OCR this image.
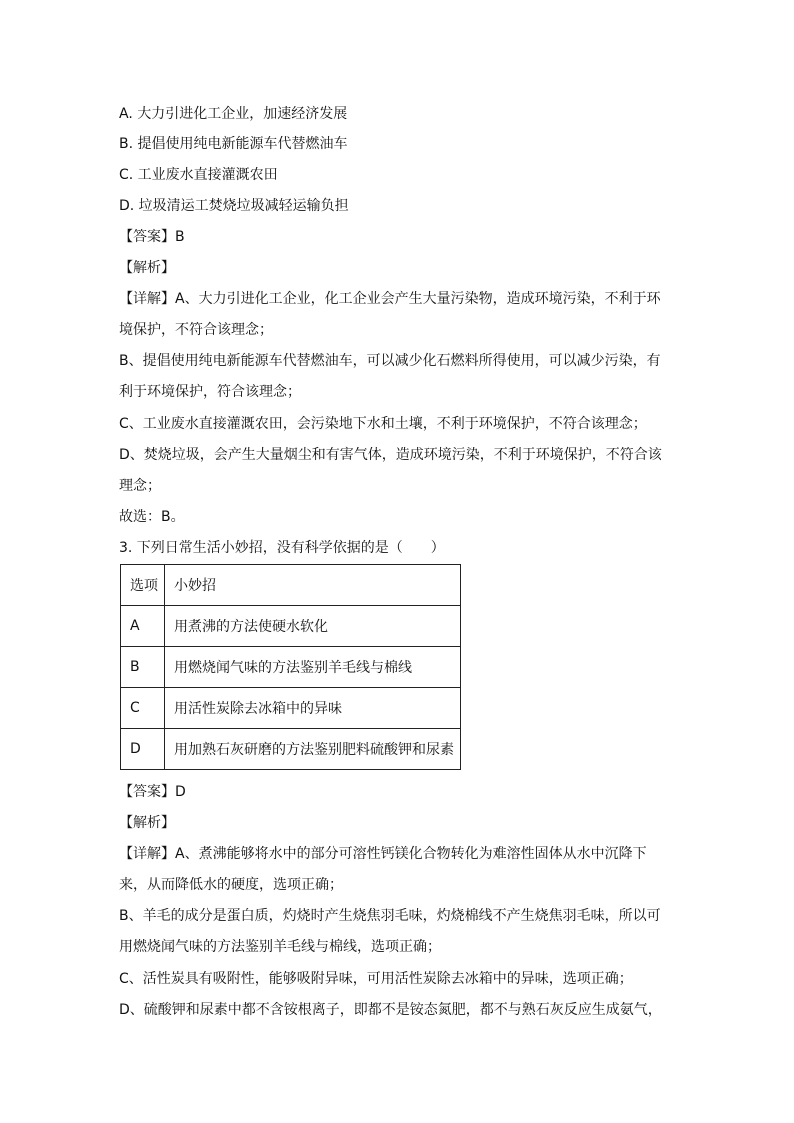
A. 大力引进化工企业，加速经济发展
B. 提倡使用纯电新能源车代替燃油车
C. 工业废水直接灌溉农田
D. 垃圾清运工焚烧垃圾减轻运输负担
【答案】B
【解析】
【详解】A、大力引进化工企业，化工企业会产生大量污染物，造成环境污染，不利于环
境保护，不符合该理念；
B、提倡使用纯电新能源车代替燃油车，可以减少化石燃料所得使用，可以减少污染，有
利于环境保护，符合该理念；
C、工业废水直接灌溉农田，会污染地下水和土壤，不利于环境保护，不符合该理念；
D、焚烧垃圾，会产生大量烟尘和有害气体，造成环境污染，不利于环境保护，不符合该
理念；
故选：B。
3. 下列日常生活小妙招，没有科学依据的是（　　）
选项	小妙招
A	用煮沸的方法使硬水软化
B	用燃烧闻气味的方法鉴别羊毛线与棉线
C	用活性炭除去冰箱中的异味
D	用加熟石灰研磨的方法鉴别肥料硫酸钾和尿素
【答案】D
【解析】
【详解】A、煮沸能够将水中的部分可溶性钙镁化合物转化为难溶性固体从水中沉降下
来，从而降低水的硬度，选项正确；
B、羊毛的成分是蛋白质，灼烧时产生烧焦羽毛味，灼烧棉线不产生烧焦羽毛味，所以可
用燃烧闻气味的方法鉴别羊毛线与棉线，选项正确；
C、活性炭具有吸附性，能够吸附异味，可用活性炭除去冰箱中的异味，选项正确；
D、硫酸钾和尿素中都不含铵根离子，即都不是铵态氮肥，都不与熟石灰反应生成氨气，
